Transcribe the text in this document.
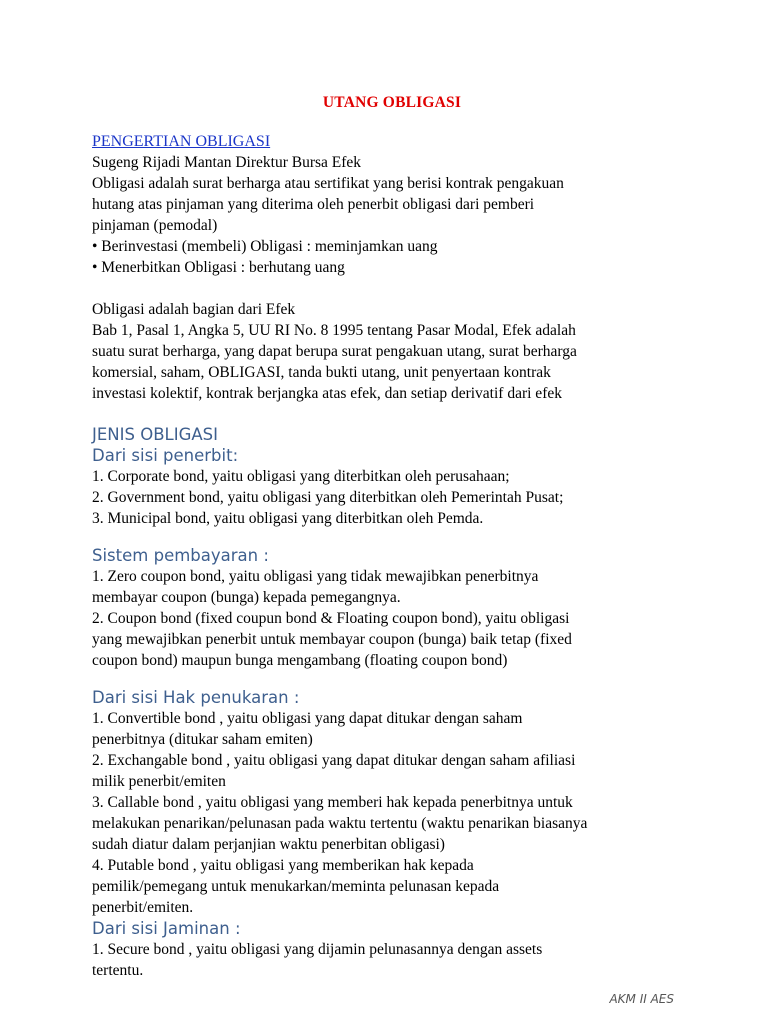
UTANG OBLIGASI

PENGERTIAN OBLIGASI

Sugeng Rijadi Mantan Direktur Bursa Efek

Obligasi adalah surat berharga atau sertifikat yang berisi kontrak pengakuan

hutang atas pinjaman yang diterima oleh penerbit obligasi dari pemberi

pinjaman (pemodal)

• Berinvestasi (membeli) Obligasi : meminjamkan uang

• Menerbitkan Obligasi : berhutang uang

Obligasi adalah bagian dari Efek

Bab 1, Pasal 1, Angka 5, UU RI No. 8 1995 tentang Pasar Modal, Efek adalah

suatu surat berharga, yang dapat berupa surat pengakuan utang, surat berharga

komersial, saham, OBLIGASI, tanda bukti utang, unit penyertaan kontrak

investasi kolektif, kontrak berjangka atas efek, dan setiap derivatif dari efek

JENIS OBLIGASI

Dari sisi penerbit:

1. Corporate bond, yaitu obligasi yang diterbitkan oleh perusahaan;

2. Government bond, yaitu obligasi yang diterbitkan oleh Pemerintah Pusat;

3. Municipal bond, yaitu obligasi yang diterbitkan oleh Pemda.

Sistem pembayaran :

1. Zero coupon bond, yaitu obligasi yang tidak mewajibkan penerbitnya

membayar coupon (bunga) kepada pemegangnya.

2. Coupon bond (fixed coupun bond & Floating coupon bond), yaitu obligasi

yang mewajibkan penerbit untuk membayar coupon (bunga) baik tetap (fixed

coupon bond) maupun bunga mengambang (floating coupon bond)

Dari sisi Hak penukaran :

1. Convertible bond , yaitu obligasi yang dapat ditukar dengan saham

penerbitnya (ditukar saham emiten)

2. Exchangable bond , yaitu obligasi yang dapat ditukar dengan saham afiliasi

milik penerbit/emiten

3. Callable bond , yaitu obligasi yang memberi hak kepada penerbitnya untuk

melakukan penarikan/pelunasan pada waktu tertentu (waktu penarikan biasanya

sudah diatur dalam perjanjian waktu penerbitan obligasi)

4. Putable bond , yaitu obligasi yang memberikan hak kepada

pemilik/pemegang untuk menukarkan/meminta pelunasan kepada

penerbit/emiten.

Dari sisi Jaminan :

1. Secure bond , yaitu obligasi yang dijamin pelunasannya dengan assets

tertentu.

AKM II AES
